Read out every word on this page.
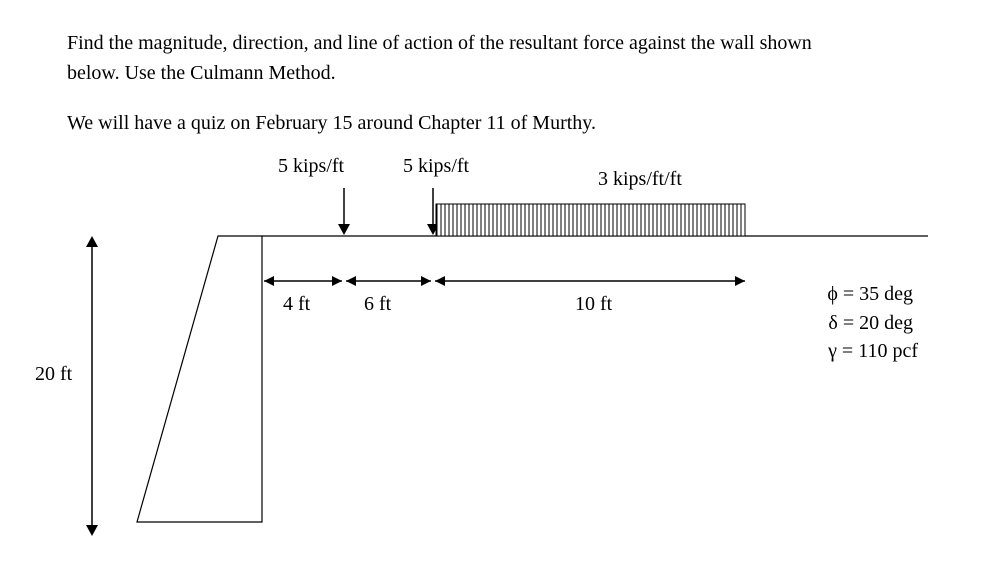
Find the magnitude, direction, and line of action of the resultant force against the wall shown
below. Use the Culmann Method.
We will have a quiz on February 15 around Chapter 11 of Murthy.
5 kips/ft	5 kips/ft
3 kips/ft/ft
4 ft	6 ft	10 ft
20 ft
ϕ = 35 deg
δ = 20 deg
γ = 110 pcf
